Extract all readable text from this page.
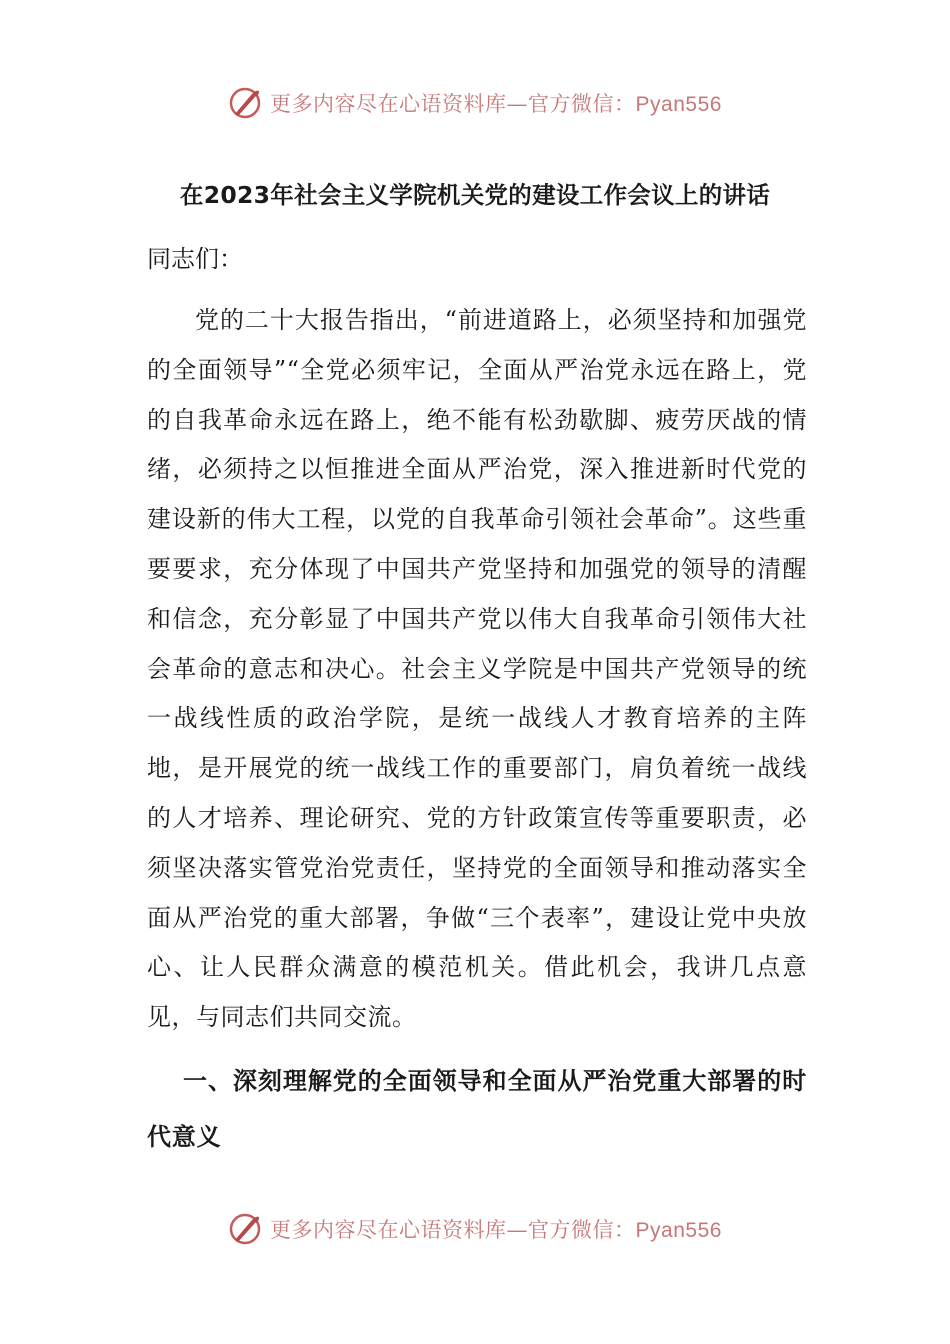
更多内容尽在心语资料库—官方微信：Pyan556
在2023年社会主义学院机关党的建设工作会议上的讲话

同志们：

党的二十大报告指出，“前进道路上，必须坚持和加强党的全面领导”“全党必须牢记，全面从严治党永远在路上，党的自我革命永远在路上，绝不能有松劲歇脚、疲劳厌战的情绪，必须持之以恒推进全面从严治党，深入推进新时代党的建设新的伟大工程，以党的自我革命引领社会革命”。这些重要要求，充分体现了中国共产党坚持和加强党的领导的清醒和信念，充分彰显了中国共产党以伟大自我革命引领伟大社会革命的意志和决心。社会主义学院是中国共产党领导的统一战线性质的政治学院，是统一战线人才教育培养的主阵地，是开展党的统一战线工作的重要部门，肩负着统一战线的人才培养、理论研究、党的方针政策宣传等重要职责，必须坚决落实管党治党责任，坚持党的全面领导和推动落实全面从严治党的重大部署，争做“三个表率”，建设让党中央放心、让人民群众满意的模范机关。借此机会，我讲几点意见，与同志们共同交流。

一、深刻理解党的全面领导和全面从严治党重大部署的时代意义

更多内容尽在心语资料库—官方微信：Pyan556
